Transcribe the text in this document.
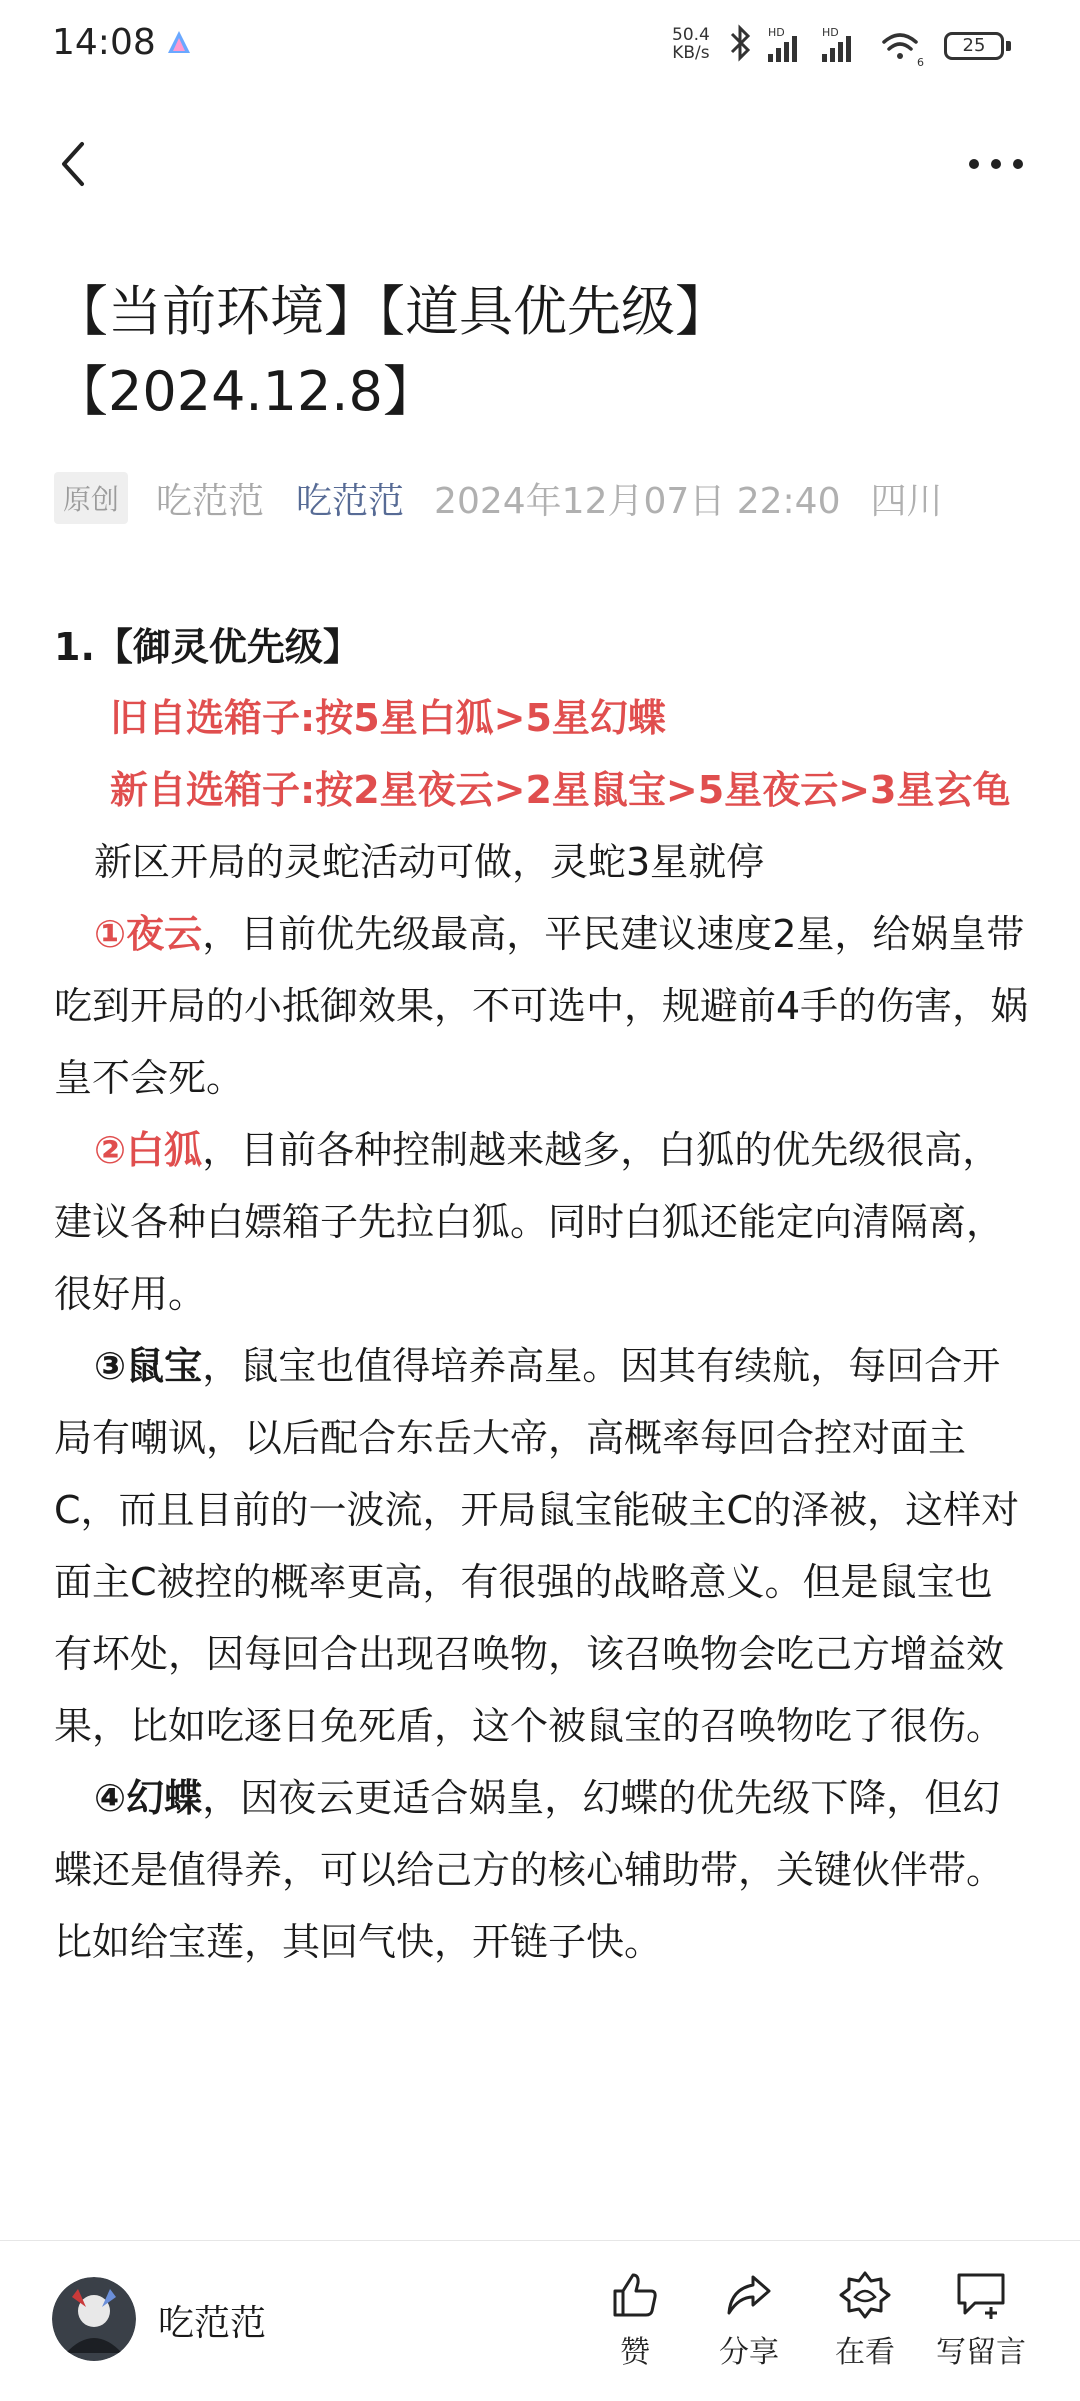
14:08	50.4
KB/s
HD	HD
6
25
【当前环境】【道具优先级】
【2024.12.8】
原创 吃范范 吃范范 2024年12月07日 22:40 四川

1.【御灵优先级】

旧自选箱子:按5星白狐>5星幻蝶

新自选箱子:按2星夜云>2星鼠宝>5星夜云>3星玄龟

新区开局的灵蛇活动可做，灵蛇3星就停

①夜云，目前优先级最高，平民建议速度2星，给娲皇带吃到开局的小抵御效果，不可选中，规避前4手的伤害，娲皇不会死。

②白狐，目前各种控制越来越多，白狐的优先级很高，建议各种白嫖箱子先拉白狐。同时白狐还能定向清隔离，很好用。

③鼠宝，鼠宝也值得培养高星。因其有续航，每回合开局有嘲讽，以后配合东岳大帝，高概率每回合控对面主C，而且目前的一波流，开局鼠宝能破主C的泽被，这样对面主C被控的概率更高，有很强的战略意义。但是鼠宝也有坏处，因每回合出现召唤物，该召唤物会吃己方增益效果，比如吃逐日免死盾，这个被鼠宝的召唤物吃了很伤。

④幻蝶，因夜云更适合娲皇，幻蝶的优先级下降，但幻蝶还是值得养，可以给己方的核心辅助带，关键伙伴带。比如给宝莲，其回气快，开链子快。

吃范范
赞	分享	在看	写留言
